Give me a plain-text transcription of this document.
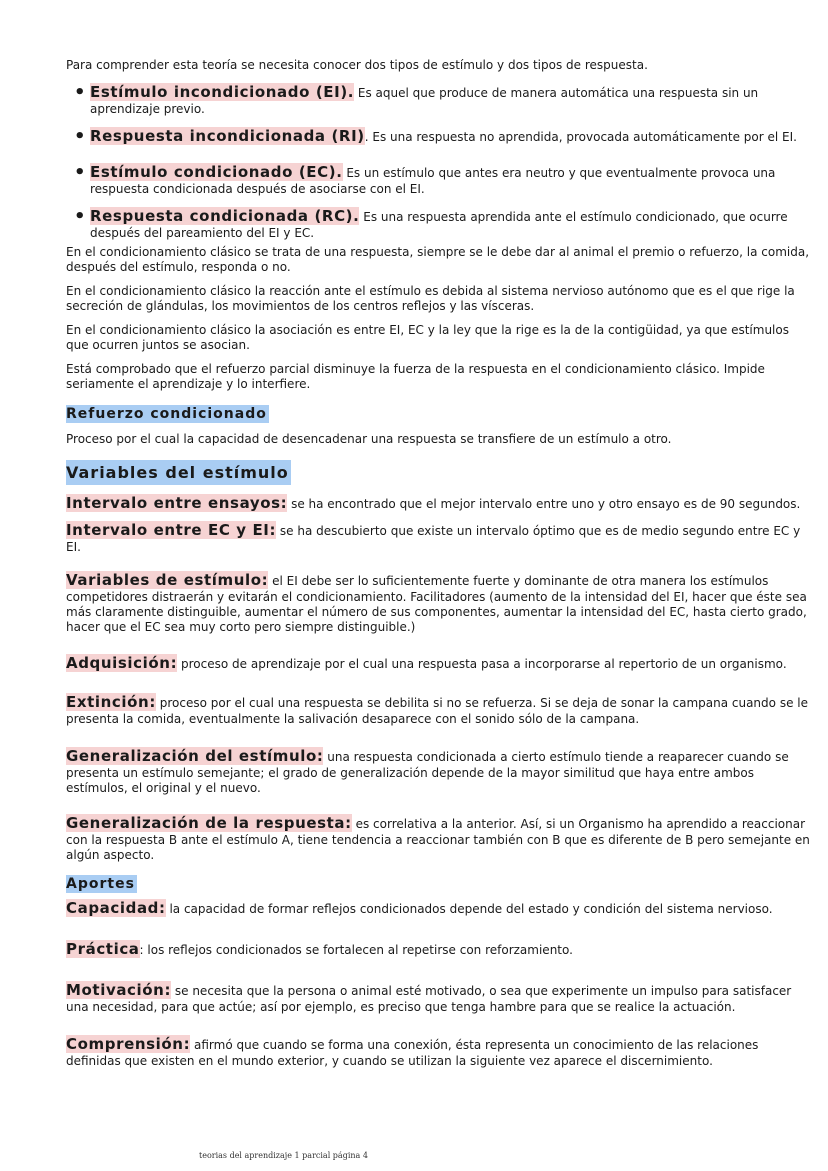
Para comprender esta teoría se necesita conocer dos tipos de estímulo y dos tipos de respuesta.

• Estímulo incondicionado (EI). Es aquel que produce de manera automática una respuesta sin un aprendizaje previo.
• Respuesta incondicionada (RI). Es una respuesta no aprendida, provocada automáticamente por el EI.
• Estímulo condicionado (EC). Es un estímulo que antes era neutro y que eventualmente provoca una respuesta condicionada después de asociarse con el EI.
• Respuesta condicionada (RC). Es una respuesta aprendida ante el estímulo condicionado, que ocurre después del pareamiento del EI y EC.

En el condicionamiento clásico se trata de una respuesta, siempre se le debe dar al animal el premio o refuerzo, la comida, después del estímulo, responda o no.

En el condicionamiento clásico la reacción ante el estímulo es debida al sistema nervioso autónomo que es el que rige la secreción de glándulas, los movimientos de los centros reflejos y las vísceras.

En el condicionamiento clásico la asociación es entre EI, EC y la ley que la rige es la de la contigüidad, ya que estímulos que ocurren juntos se asocian.

Está comprobado que el refuerzo parcial disminuye la fuerza de la respuesta en el condicionamiento clásico. Impide seriamente el aprendizaje y lo interfiere.

Refuerzo condicionado

Proceso por el cual la capacidad de desencadenar una respuesta se transfiere de un estímulo a otro.

Variables del estímulo
Intervalo entre ensayos: se ha encontrado que el mejor intervalo entre uno y otro ensayo es de 90 segundos.
Intervalo entre EC y EI: se ha descubierto que existe un intervalo óptimo que es de medio segundo entre EC y EI.
Variables de estímulo: el EI debe ser lo suficientemente fuerte y dominante de otra manera los estímulos competidores distraerán y evitarán el condicionamiento. Facilitadores (aumento de la intensidad del EI, hacer que éste sea más claramente distinguible, aumentar el número de sus componentes, aumentar la intensidad del EC, hasta cierto grado, hacer que el EC sea muy corto pero siempre distinguible.)
Adquisición: proceso de aprendizaje por el cual una respuesta pasa a incorporarse al repertorio de un organismo.
Extinción: proceso por el cual una respuesta se debilita si no se refuerza. Si se deja de sonar la campana cuando se le presenta la comida, eventualmente la salivación desaparece con el sonido sólo de la campana.
Generalización del estímulo: una respuesta condicionada a cierto estímulo tiende a reaparecer cuando se presenta un estímulo semejante; el grado de generalización depende de la mayor similitud que haya entre ambos estímulos, el original y el nuevo.
Generalización de la respuesta: es correlativa a la anterior. Así, si un Organismo ha aprendido a reaccionar con la respuesta B ante el estímulo A, tiene tendencia a reaccionar también con B que es diferente de B pero semejante en algún aspecto.
Aportes
Capacidad: la capacidad de formar reflejos condicionados depende del estado y condición del sistema nervioso.
Práctica: los reflejos condicionados se fortalecen al repetirse con reforzamiento.
Motivación: se necesita que la persona o animal esté motivado, o sea que experimente un impulso para satisfacer una necesidad, para que actúe; así por ejemplo, es preciso que tenga hambre para que se realice la actuación.
Comprensión: afirmó que cuando se forma una conexión, ésta representa un conocimiento de las relaciones definidas que existen en el mundo exterior, y cuando se utilizan la siguiente vez aparece el discernimiento.
teorias del aprendizaje 1 parcial página 4
